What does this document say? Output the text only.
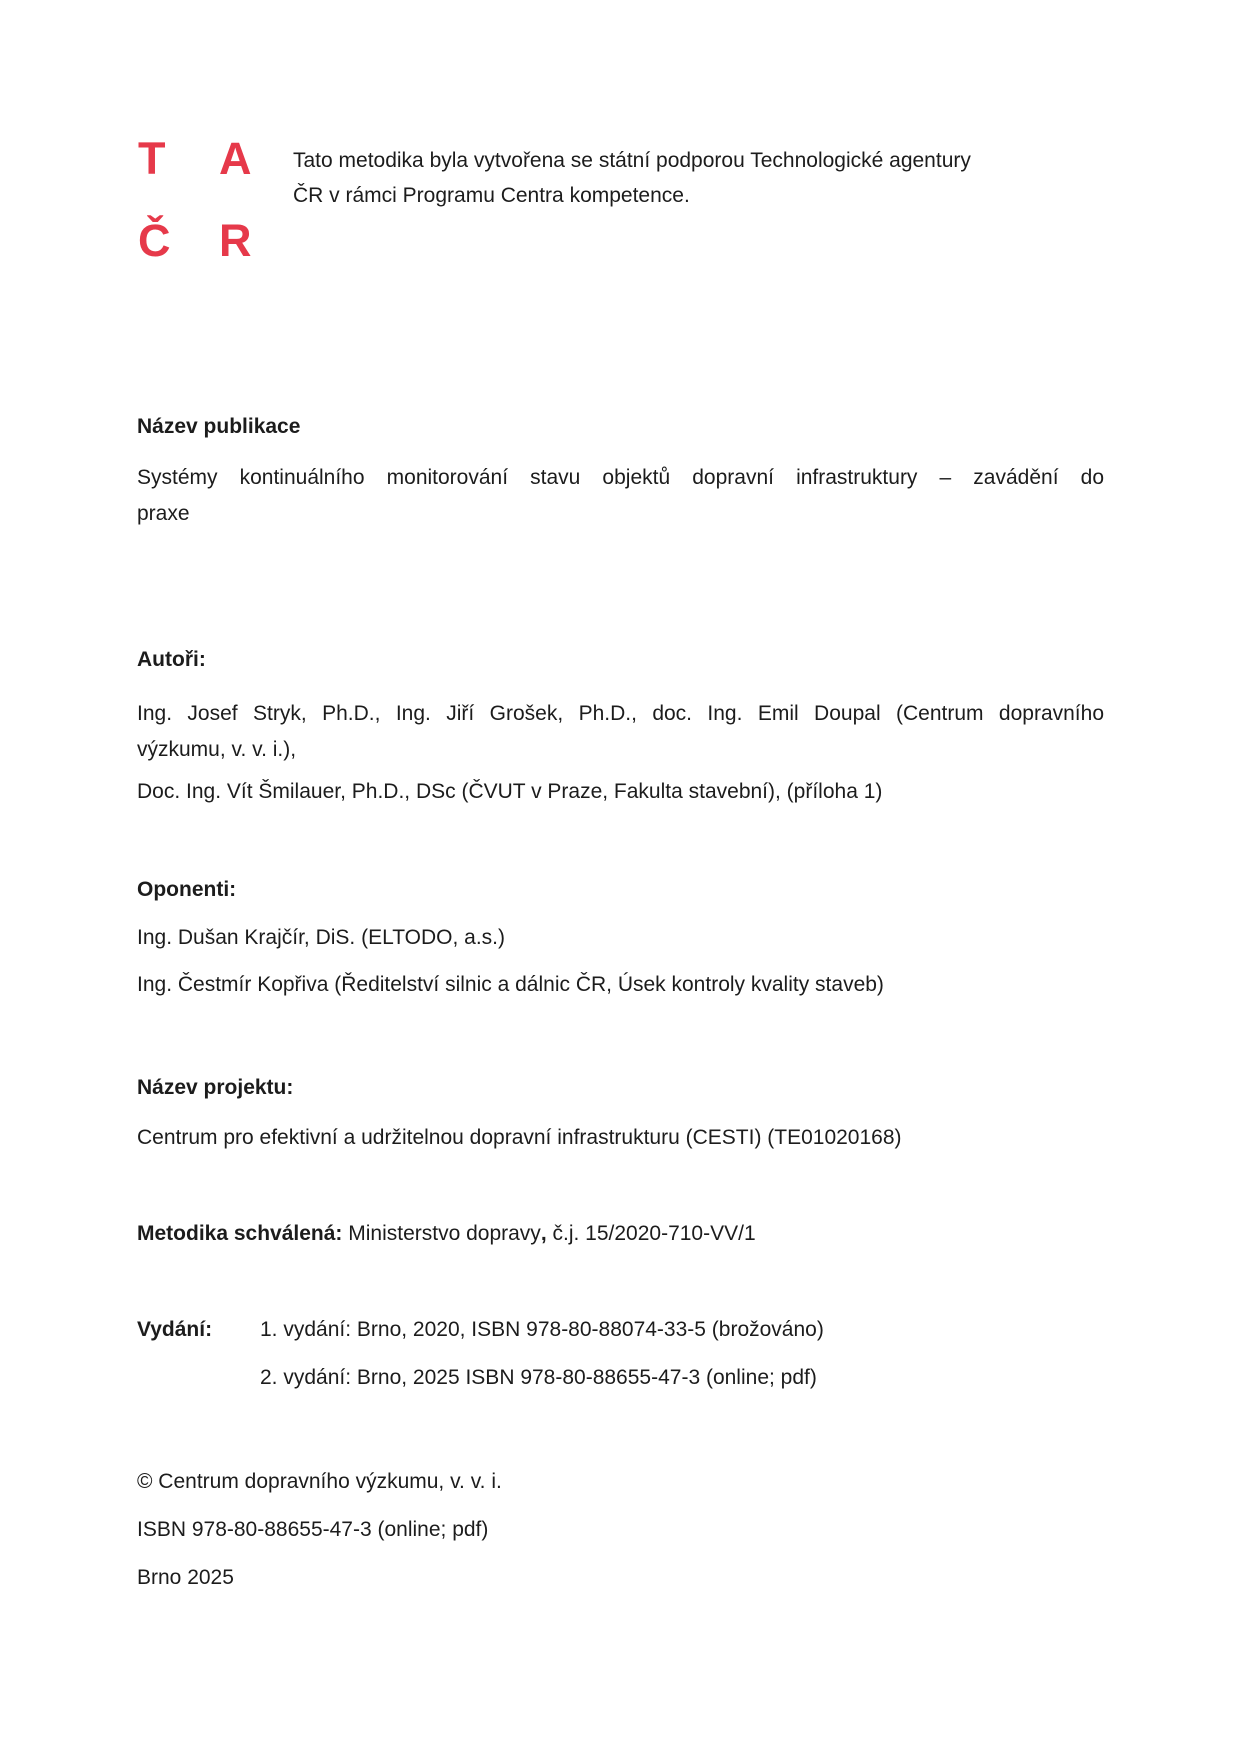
T	A
Č	R
Tato metodika byla vytvořena se státní podporou Technologické agentury
ČR v rámci Programu Centra kompetence.
Název publikace
Systémy kontinuálního monitorování stavu objektů dopravní infrastruktury – zavádění do
praxe
Autoři:
Ing. Josef Stryk, Ph.D., Ing. Jiří Grošek, Ph.D., doc. Ing. Emil Doupal (Centrum dopravního
výzkumu, v. v. i.),
Doc. Ing. Vít Šmilauer, Ph.D., DSc (ČVUT v Praze, Fakulta stavební), (příloha 1)
Oponenti:
Ing. Dušan Krajčír, DiS. (ELTODO, a.s.)
Ing. Čestmír Kopřiva (Ředitelství silnic a dálnic ČR, Úsek kontroly kvality staveb)
Název projektu:
Centrum pro efektivní a udržitelnou dopravní infrastrukturu (CESTI) (TE01020168)
Metodika schválená: Ministerstvo dopravy, č.j. 15/2020-710-VV/1
Vydání:	1. vydání: Brno, 2020, ISBN 978-80-88074-33-5 (brožováno)
2. vydání: Brno, 2025 ISBN 978-80-88655-47-3 (online; pdf)
© Centrum dopravního výzkumu, v. v. i.
ISBN 978-80-88655-47-3 (online; pdf)
Brno 2025
